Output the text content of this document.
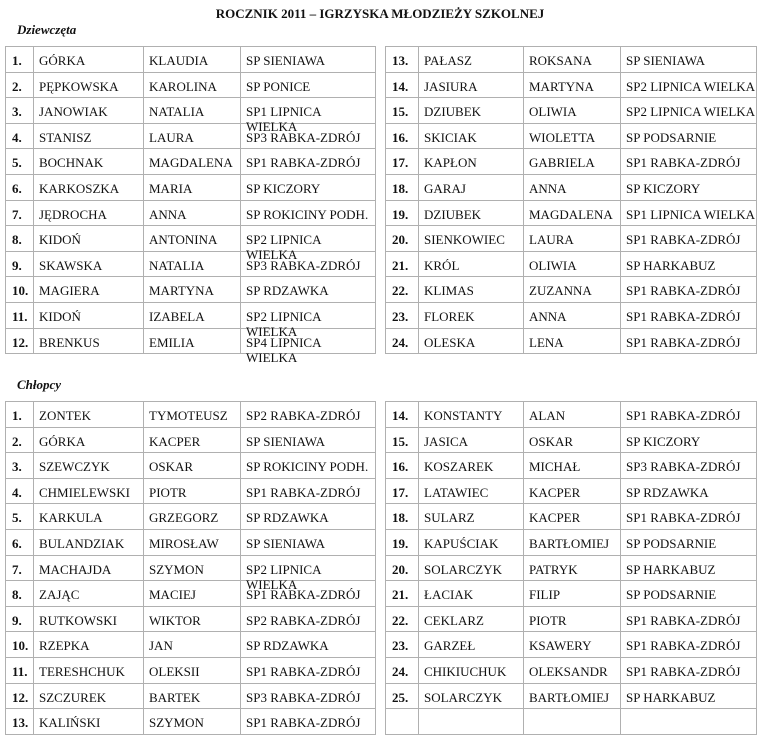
ROCZNIK 2011 – IGRZYSKA MŁODZIEŻY SZKOLNEJ
Dziewczęta
Chłopcy
1.	GÓRKA	KLAUDIA	SP SIENIAWA

2.	PĘPKOWSKA	KAROLINA	SP PONICE

3.	JANOWIAK	NATALIA	SP1 LIPNICA WIELKA

4.	STANISZ	LAURA	SP3 RABKA-ZDRÓJ

5.	BOCHNAK	MAGDALENA	SP1 RABKA-ZDRÓJ

6.	KARKOSZKA	MARIA	SP KICZORY

7.	JĘDROCHA	ANNA	SP ROKICINY PODH.

8.	KIDOŃ	ANTONINA	SP2 LIPNICA WIELKA

9.	SKAWSKA	NATALIA	SP3 RABKA-ZDRÓJ

10.	MAGIERA	MARTYNA	SP RDZAWKA

11.	KIDOŃ	IZABELA	SP2 LIPNICA WIELKA

12.	BRENKUS	EMILIA	SP4 LIPNICA WIELKA
13.	PAŁASZ	ROKSANA	SP SIENIAWA

14.	JASIURA	MARTYNA	SP2 LIPNICA WIELKA

15.	DZIUBEK	OLIWIA	SP2 LIPNICA WIELKA

16.	SKICIAK	WIOLETTA	SP PODSARNIE

17.	KAPŁON	GABRIELA	SP1 RABKA-ZDRÓJ

18.	GARAJ	ANNA	SP KICZORY

19.	DZIUBEK	MAGDALENA	SP1 LIPNICA WIELKA

20.	SIENKOWIEC	LAURA	SP1 RABKA-ZDRÓJ

21.	KRÓL	OLIWIA	SP HARKABUZ

22.	KLIMAS	ZUZANNA	SP1 RABKA-ZDRÓJ

23.	FLOREK	ANNA	SP1 RABKA-ZDRÓJ

24.	OLESKA	LENA	SP1 RABKA-ZDRÓJ
1.	ZONTEK	TYMOTEUSZ	SP2 RABKA-ZDRÓJ

2.	GÓRKA	KACPER	SP SIENIAWA

3.	SZEWCZYK	OSKAR	SP ROKICINY PODH.

4.	CHMIELEWSKI	PIOTR	SP1 RABKA-ZDRÓJ

5.	KARKULA	GRZEGORZ	SP RDZAWKA

6.	BULANDZIAK	MIROSŁAW	SP SIENIAWA

7.	MACHAJDA	SZYMON	SP2 LIPNICA WIELKA

8.	ZAJĄC	MACIEJ	SP1 RABKA-ZDRÓJ

9.	RUTKOWSKI	WIKTOR	SP2 RABKA-ZDRÓJ

10.	RZEPKA	JAN	SP RDZAWKA

11.	TERESHCHUK	OLEKSII	SP1 RABKA-ZDRÓJ

12.	SZCZUREK	BARTEK	SP3 RABKA-ZDRÓJ

13.	KALIŃSKI	SZYMON	SP1 RABKA-ZDRÓJ
14.	KONSTANTY	ALAN	SP1 RABKA-ZDRÓJ

15.	JASICA	OSKAR	SP KICZORY

16.	KOSZAREK	MICHAŁ	SP3 RABKA-ZDRÓJ

17.	LATAWIEC	KACPER	SP RDZAWKA

18.	SULARZ	KACPER	SP1 RABKA-ZDRÓJ

19.	KAPUŚCIAK	BARTŁOMIEJ	SP PODSARNIE

20.	SOLARCZYK	PATRYK	SP HARKABUZ

21.	ŁACIAK	FILIP	SP PODSARNIE

22.	CEKLARZ	PIOTR	SP1 RABKA-ZDRÓJ

23.	GARZEŁ	KSAWERY	SP1 RABKA-ZDRÓJ

24.	CHIKIUCHUK	OLEKSANDR	SP1 RABKA-ZDRÓJ

25.	SOLARCZYK	BARTŁOMIEJ	SP HARKABUZ
